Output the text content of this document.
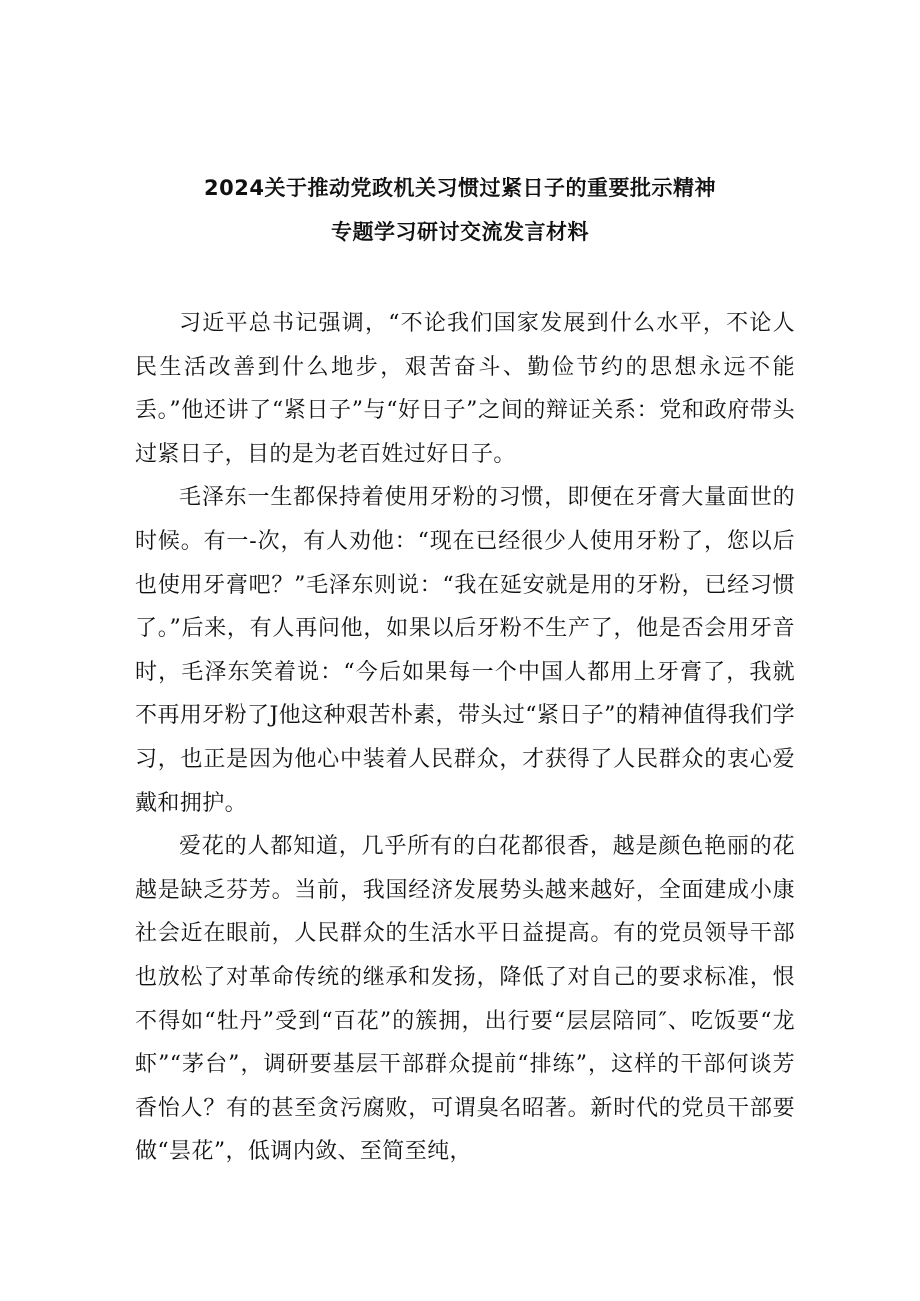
2024关于推动党政机关习惯过紧日子的重要批示精神
专题学习研讨交流发言材料

习近平总书记强调，“不论我们国家发展到什么水平，不论人民生活改善到什么地步，艰苦奋斗、勤俭节约的思想永远不能丢。”他还讲了“紧日子”与“好日子”之间的辩证关系：党和政府带头过紧日子，目的是为老百姓过好日子。

毛泽东一生都保持着使用牙粉的习惯，即便在牙膏大量面世的时候。有一-次，有人劝他：“现在已经很少人使用牙粉了，您以后也使用牙膏吧？”毛泽东则说：“我在延安就是用的牙粉，已经习惯了。”后来，有人再问他，如果以后牙粉不生产了，他是否会用牙音时，毛泽东笑着说：“今后如果每一个中国人都用上牙膏了，我就不再用牙粉了J他这种艰苦朴素，带头过“紧日子”的精神值得我们学习，也正是因为他心中装着人民群众，才获得了人民群众的衷心爱戴和拥护。

爱花的人都知道，几乎所有的白花都很香，越是颜色艳丽的花越是缺乏芬芳。当前，我国经济发展势头越来越好，全面建成小康社会近在眼前，人民群众的生活水平日益提高。有的党员领导干部也放松了对革命传统的继承和发扬，降低了对自己的要求标准，恨不得如“牡丹”受到“百花”的簇拥，出行要“层层陪同″、吃饭要“龙虾”“茅台”，调研要基层干部群众提前“排练”，这样的干部何谈芳香怡人？有的甚至贪污腐败，可谓臭名昭著。新时代的党员干部要做“昙花”，低调内敛、至简至纯，
